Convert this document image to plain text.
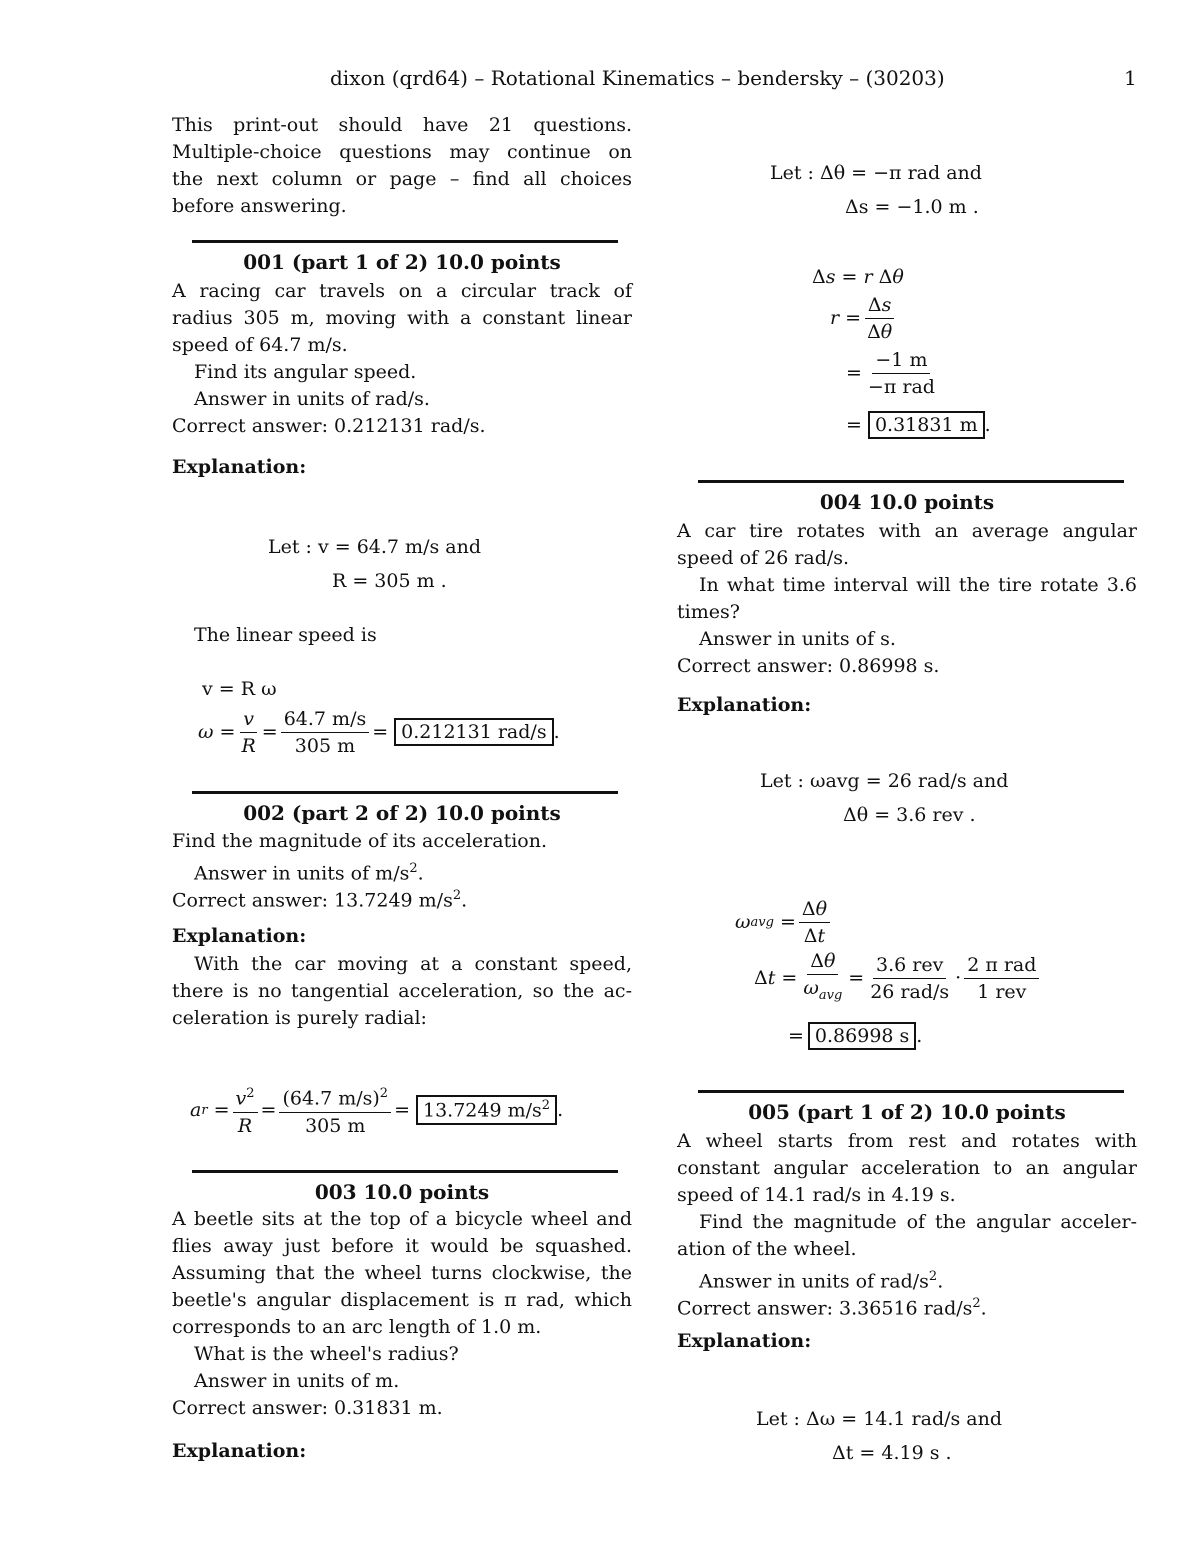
dixon (qrd64) – Rotational Kinematics – bendersky – (30203)	1
This print-out should have 21 questions.
Multiple-choice questions may continue on
the next column or page – find all choices
before answering.
001 (part 1 of 2) 10.0 points
A racing car travels on a circular track of
radius 305 m, moving with a constant linear
speed of 64.7 m/s.
Find its angular speed.
Answer in units of rad/s.
Correct answer: 0.212131 rad/s.
Explanation:
Let : v = 64.7 m/s and
R = 305 m .
The linear speed is
v = R ω
$\omega = \frac{v}{R} = \frac{64.7 m/s}{305 m} = 0.212131$ rad/s .
002 (part 2 of 2) 10.0 points
Find the magnitude of its acceleration.
Answer in units of $m/s^2$.
Correct answer: 13.7249 $m/s^2$.
Explanation:
With the car moving at a constant speed,
there is no tangential acceleration, so the ac-
celeration is purely radial:
a $r = \frac{v^2}{R} = \frac{(64.7 m/s)^2}{305 m} = 13.7249$ $m/s^2$ .
003 10.0 points
A beetle sits at the top of a bicycle wheel and
flies away just before it would be squashed.
Assuming that the wheel turns clockwise, the
beetle's angular displacement is π rad, which
corresponds to an arc length of 1.0 m.
What is the wheel's radius?
Answer in units of m.
Correct answer: 0.31831 m.
Explanation:
Let : Δθ = −π rad and
Δs = −1.0 m .
Δs = r Δθ
$r = \frac{\Delta s}{\Delta\theta}$
= $\frac{-1 m}{\text{−π rad}}$
= 0.31831 m .
004 10.0 points
A car tire rotates with an average angular
speed of 26 rad/s.
In what time interval will the tire rotate 3.6
times?
Answer in units of s.
Correct answer: 0.86998 s.
Explanation:
Let : ωavg = 26 rad/s and
Δθ = 3.6 rev .
ω avg = $\frac{\Delta\theta}{\Delta t}$
Δ $t = \frac{\Delta\theta}{\omega_{avg}} = \frac{\text{3.6 rev}}{\text{26 rad/s}} \cdot \frac{\text{2 π rad}}{\text{1 rev}}$
= 0.86998 s .
005 (part 1 of 2) 10.0 points
A wheel starts from rest and rotates with
constant angular acceleration to an angular
speed of 14.1 rad/s in 4.19 s.
Find the magnitude of the angular acceler-
ation of the wheel.
Answer in units of rad/$s^2$.
Correct answer: 3.36516 rad/$s^2$.
Explanation:
Let : Δω = 14.1 rad/s and
Δt = 4.19 s .
